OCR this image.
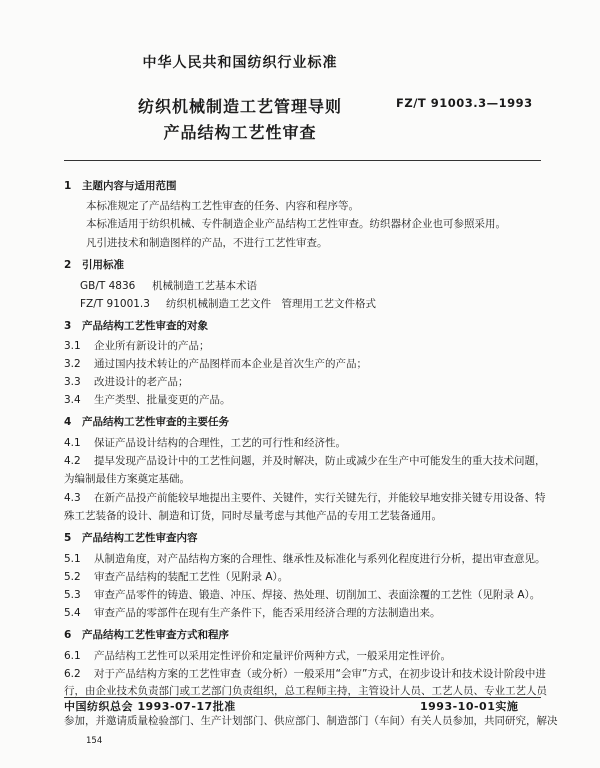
中华人民共和国纺织行业标准
FZ/T 91003.3—1993
纺织机械制造工艺管理导则
产品结构工艺性审查
1 主题内容与适用范围
本标准规定了产品结构工艺性审查的任务、内容和程序等。
本标准适用于纺织机械、专件制造企业产品结构工艺性审查。纺织器材企业也可参照采用。
凡引进技术和制造图样的产品，不进行工艺性审查。
2 引用标准
GB/T 4836 机械制造工艺基本术语
FZ/T 91001.3 纺织机械制造工艺文件　管理用工艺文件格式
3 产品结构工艺性审查的对象
3.1 企业所有新设计的产品；
3.2 通过国内技术转让的产品图样而本企业是首次生产的产品；
3.3 改进设计的老产品；
3.4 生产类型、批量变更的产品。
4 产品结构工艺性审查的主要任务
4.1 保证产品设计结构的合理性，工艺的可行性和经济性。
4.2 提早发现产品设计中的工艺性问题，并及时解决，防止或减少在生产中可能发生的重大技术问题，
为编制最佳方案奠定基础。
4.3 在新产品投产前能较早地提出主要件、关键件，实行关键先行，并能较早地安排关键专用设备、特
殊工艺装备的设计、制造和订货，同时尽量考虑与其他产品的专用工艺装备通用。
5 产品结构工艺性审查内容
5.1 从制造角度，对产品结构方案的合理性、继承性及标准化与系列化程度进行分析，提出审查意见。
5.2 审查产品结构的装配工艺性（见附录 A）。
5.3 审查产品零件的铸造、锻造、冲压、焊接、热处理、切削加工、表面涂覆的工艺性（见附录 A）。
5.4 审查产品的零部件在现有生产条件下，能否采用经济合理的方法制造出来。
6 产品结构工艺性审查方式和程序
6.1 产品结构工艺性可以采用定性评价和定量评价两种方式，一般采用定性评价。
6.2 对于产品结构方案的工艺性审查（或分析）一般采用“会审”方式，在初步设计和技术设计阶段中进
行，由企业技术负责部门或工艺部门负责组织，总工程师主持，主管设计人员、工艺人员、专业工艺人员
中国纺织总会 1993-07-17批准	1993-10-01实施
参加，并邀请质量检验部门、生产计划部门、供应部门、制造部门（车间）有关人员参加，共同研究，解决
154
